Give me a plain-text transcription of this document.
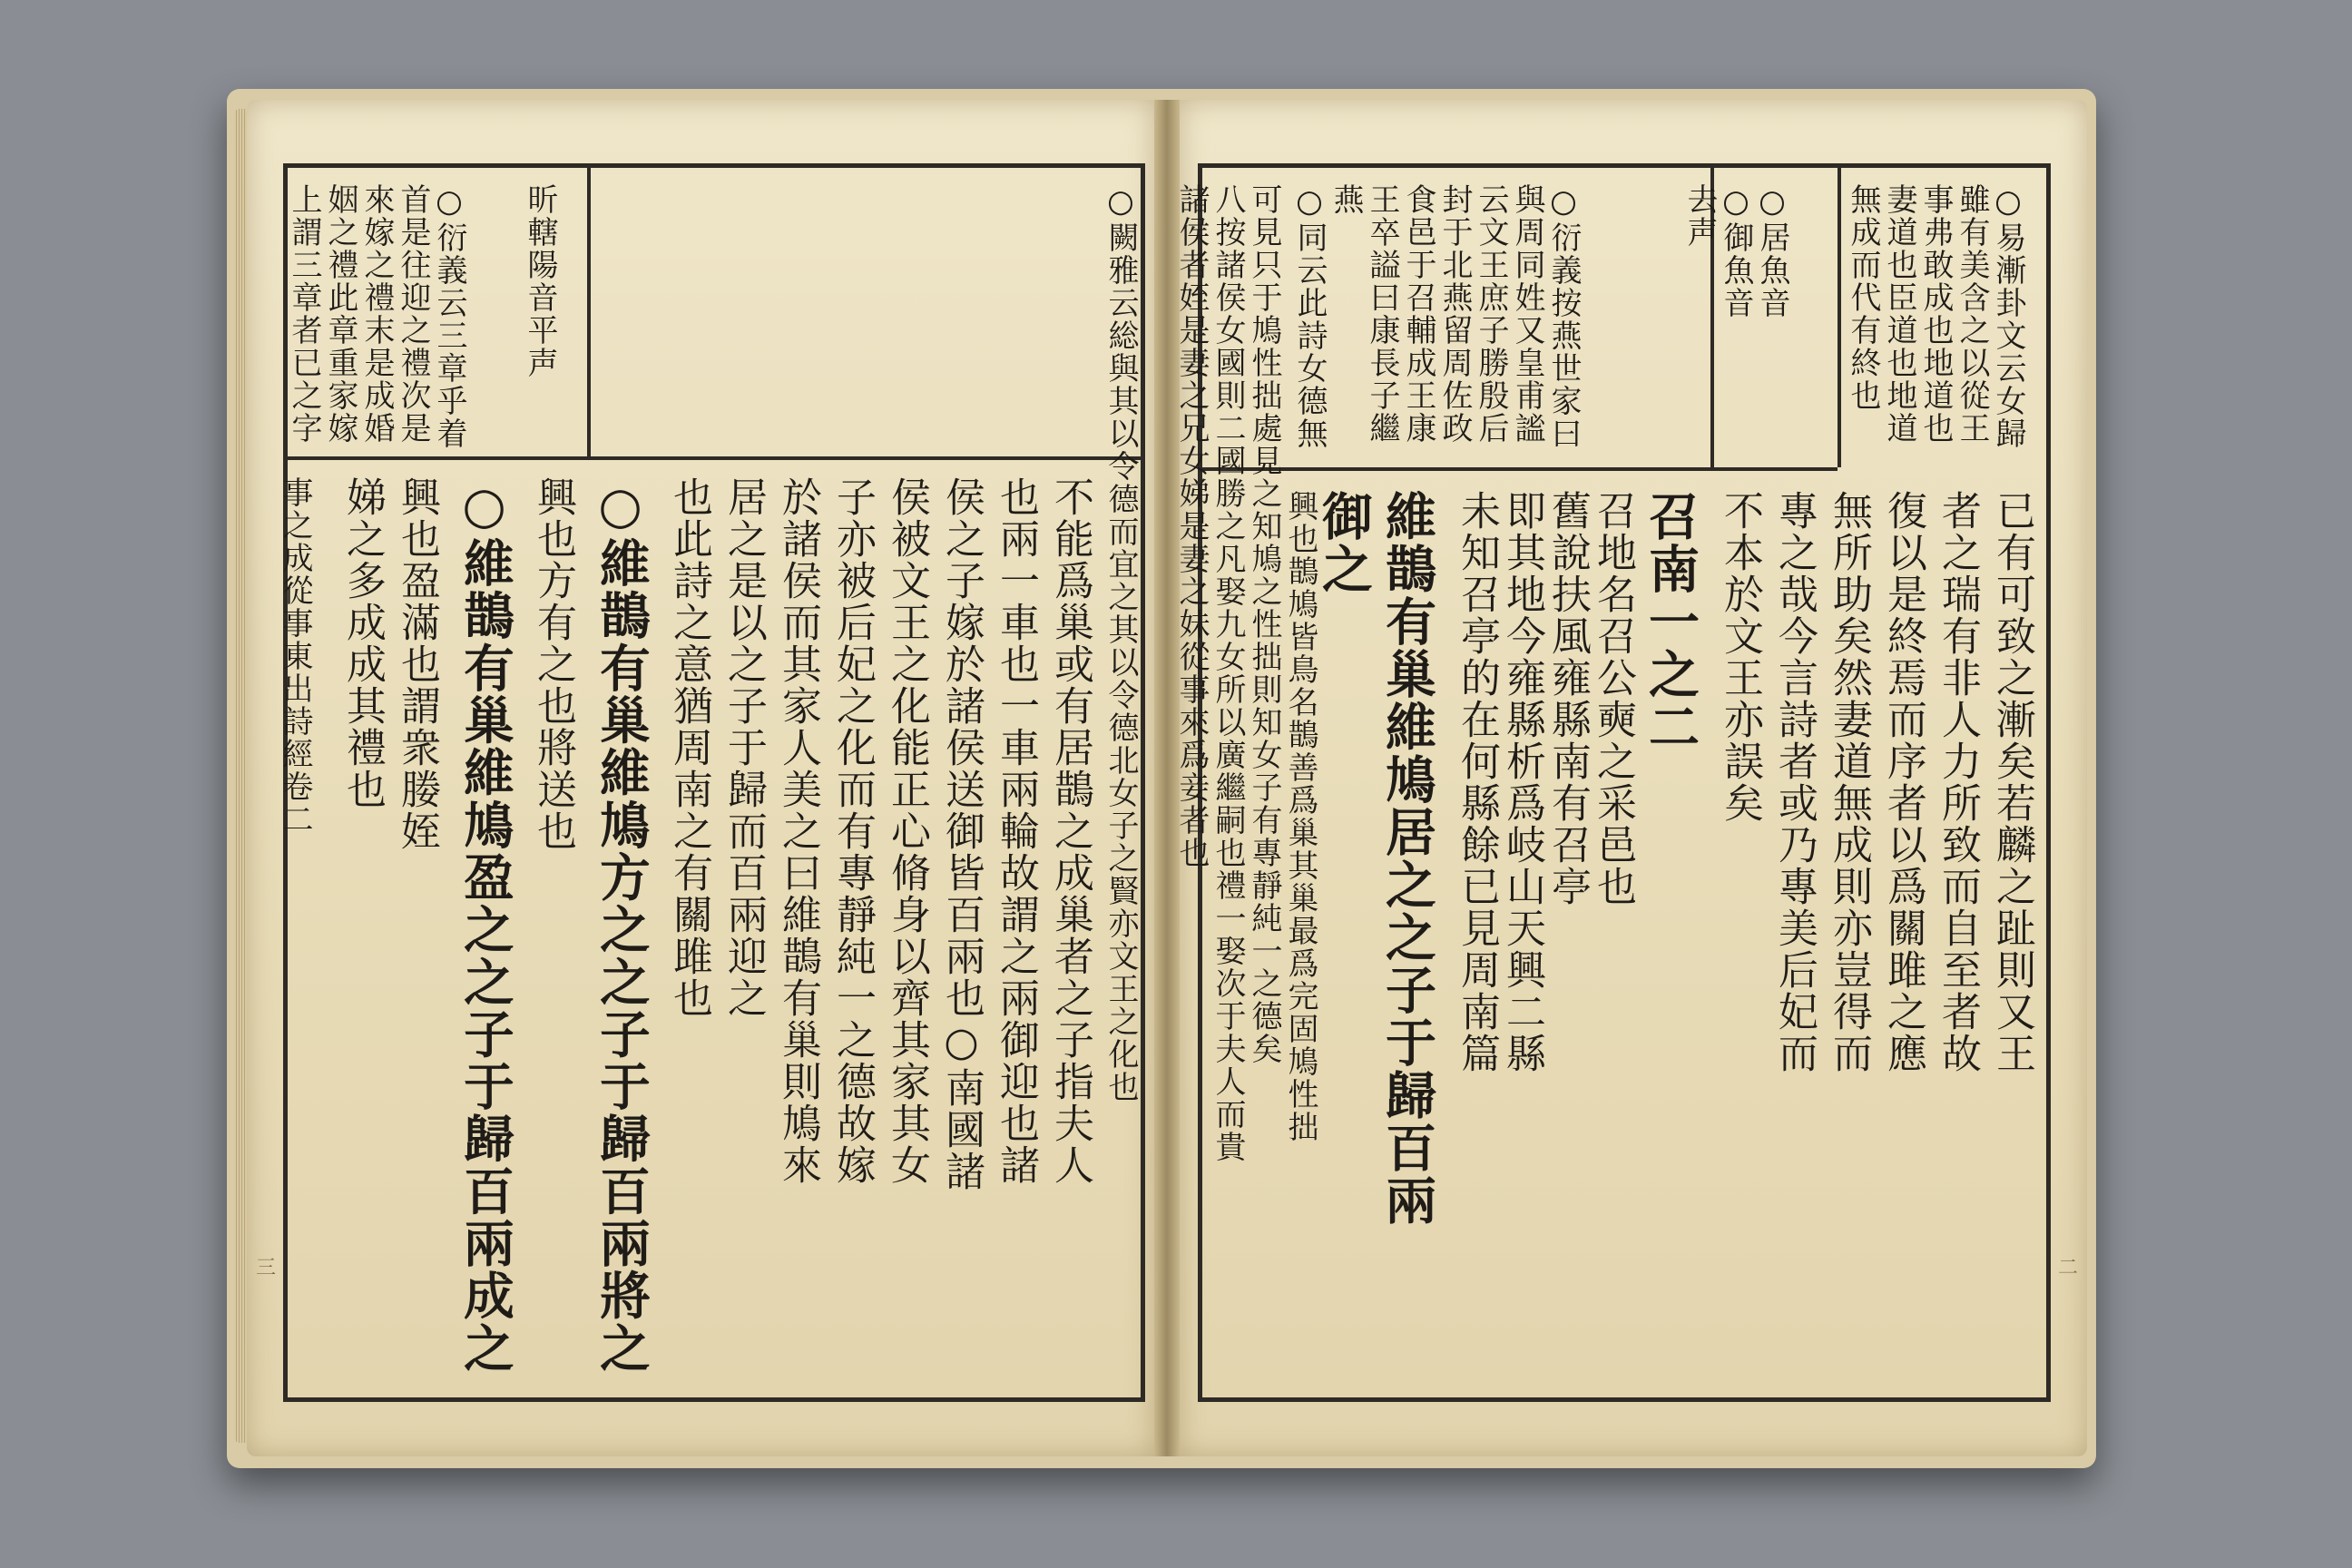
○闕雅云総與其以令德而宜之其以令德北女子之賢亦文王之化也
昕轄陽音平声
○衍義云三章乎着
首是往迎之禮次是
來嫁之禮末是成婚
姻之禮此章重家嫁
上謂三章者已之字
不能爲巢或有居鵲之成巢者之子指夫人
也兩一車也一車兩輪故謂之兩御迎也諸
侯之子嫁於諸侯送御皆百兩也○南國諸
侯被文王之化能正心脩身以齊其家其女
子亦被后妃之化而有專靜純一之德故嫁
於諸侯而其家人美之曰維鵲有巢則鳩來
居之是以之子于歸而百兩迎之
也此詩之意猶周南之有關雎也
○維鵲有巢維鳩方之之子于歸百兩將之
興也方有之也將送也
○維鵲有巢維鳩盈之之子于歸百兩成之
興也盈滿也謂衆媵姪
娣之多成成其禮也
事之成從事東出詩經卷二
三
○易漸卦文云女歸
雖有美含之以從王
事弗敢成也地道也
妻道也臣道也地道
無成而代有終也
○衍義按燕世家曰
與周同姓又皇甫謐
云文王庶子勝殷后
封于北燕留周佐政
食邑于召輔成王康
王卒謚曰康長子繼
燕
○同云此詩女德無	○居魚音
○御魚音
去声
已有可致之漸矣若麟之趾則又王
者之瑞有非人力所致而自至者故
復以是終焉而序者以爲關雎之應
無所助矣然妻道無成則亦豈得而
專之哉今言詩者或乃專美后妃而
不本於文王亦誤矣
召南一之二
召地名召公奭之采邑也
舊說扶風雍縣南有召亭
即其地今雍縣析爲岐山天興二縣
未知召亭的在何縣餘已見周南篇
維鵲有巢維鳩居之之子于歸百兩
御之
興也鵲鳩皆鳥名鵲善爲巢其巢最爲完固鳩性拙
可見只于鳩性拙處見之知鳩之性拙則知女子有專靜純一之德矣
八按諸侯女國則二國勝之凡娶九女所以廣繼嗣也禮一娶次于夫人而貴
諸侯者姪是妻之兄女娣是妻之妹從事來爲妾者也
二
